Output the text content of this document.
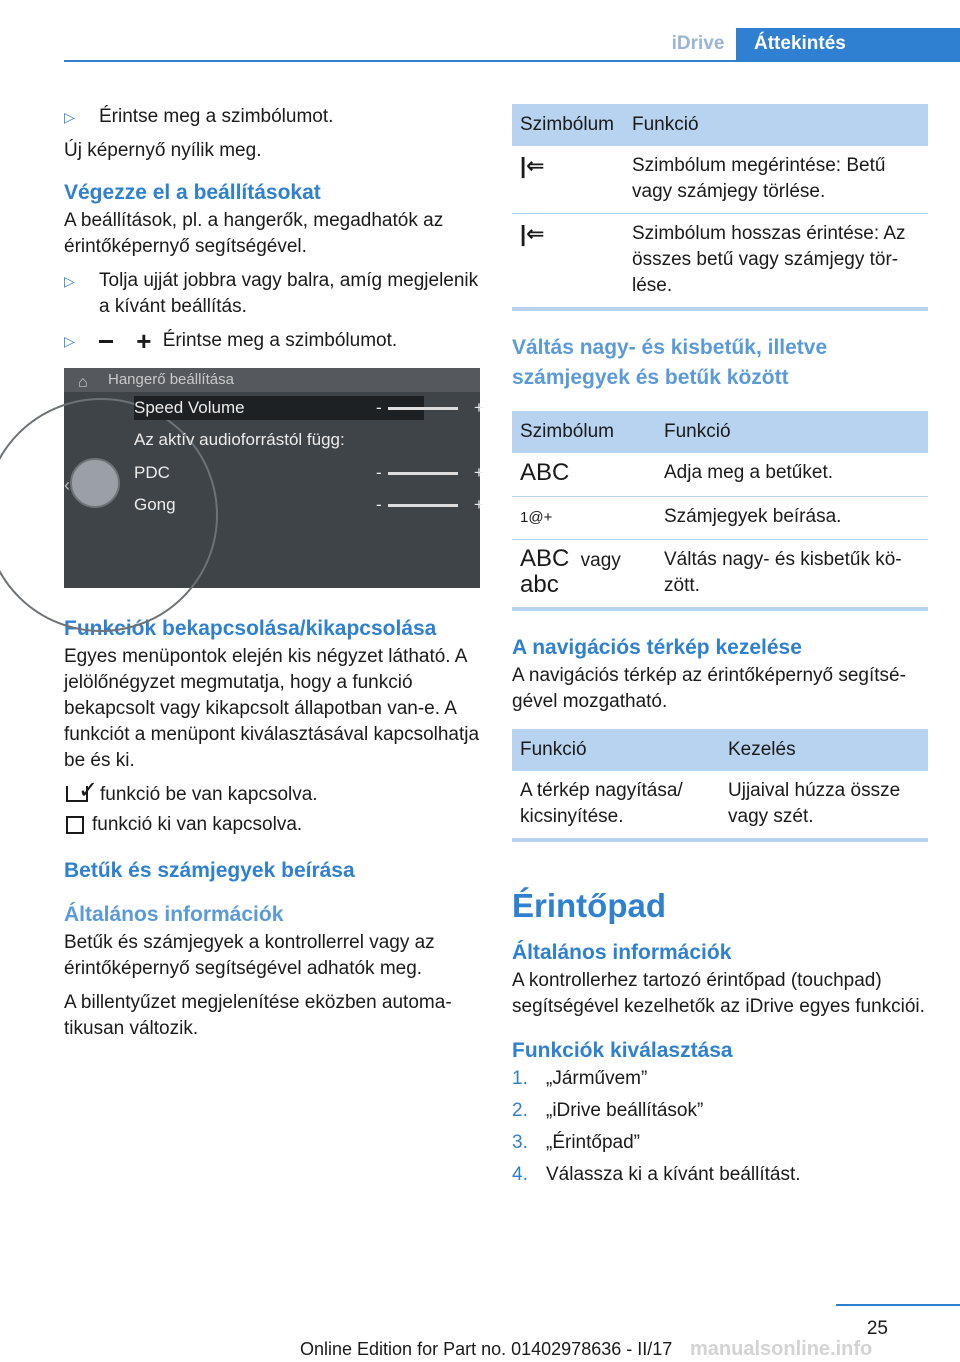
iDrive	Áttekintés
▷ Érintse meg a szimbólumot.
Új képernyő nyílik meg.
Végezze el a beállításokat
A beállítások, pl. a hangerők, megadhatók az érintőképernyő segítségével.
▷ Tolja ujját jobbra vagy balra, amíg megjelenik a kívánt beállítás.
▷ + Érintse meg a szimbólumot.
⌂ Hangerő beállítása
‹
Speed Volume	-	+
Az aktív audioforrástól függ:
PDC	-	+
Gong	-	+
Funkciók bekapcsolása/kikapcsolása
Egyes menüpontok elején kis négyzet látható. A jelölőnégyzet megmutatja, hogy a funkció bekapcsolt vagy kikapcsolt állapotban van-e. A funkciót a menüpont kiválasztásával kapcsolhatja be és ki.
✓ funkció be van kapcsolva.
funkció ki van kapcsolva.
Betűk és számjegyek beírása
Általános információk
Betűk és számjegyek a kontrollerrel vagy az érintőképernyő segítségével adhatók meg.
A billentyűzet megjelenítése eközben automatikusan változik.
Szimbólum	Funkció
|⇐	Szimbólum megérintése: Betű vagy számjegy törlése.
|⇐	Szimbólum hosszas érintése: Az összes betű vagy számjegy törlése.
Váltás nagy- és kisbetűk, illetve számjegyek és betűk között
Szimbólum	Funkció
ABC	Adja meg a betűket.
1@+	Számjegyek beírása.
ABC vagy
abc	Váltás nagy- és kisbetűk között.
A navigációs térkép kezelése
A navigációs térkép az érintőképernyő segítségével mozgatható.
Funkció	Kezelés
A térkép nagyítása/ kicsinyítése.	Ujjaival húzza össze vagy szét.
Érintőpad
Általános információk
A kontrollerhez tartozó érintőpad (touchpad) segítségével kezelhetők az iDrive egyes funkciói.
Funkciók kiválasztása
1. „Járművem”
2. „iDrive beállítások”
3. „Érintőpad”
4. Válassza ki a kívánt beállítást.
25
Online Edition for Part no. 01402978636 - II/17 manualsonline.info
